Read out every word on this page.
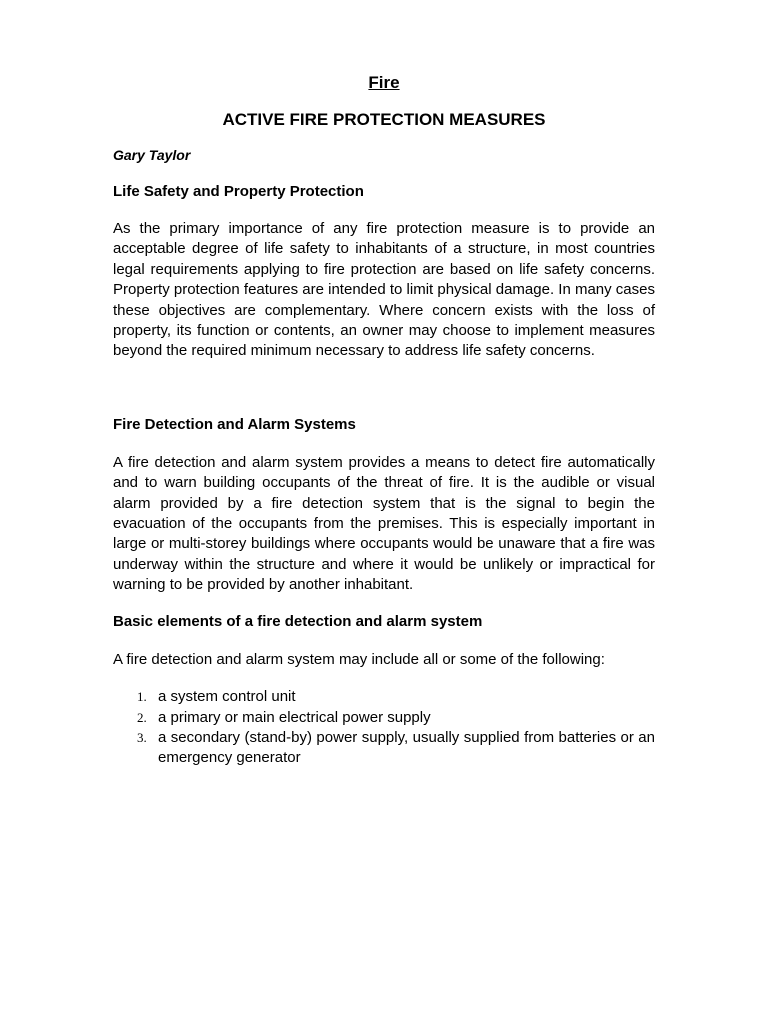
Fire
ACTIVE FIRE PROTECTION MEASURES
Gary Taylor
Life Safety and Property Protection

As the primary importance of any fire protection measure is to provide an acceptable degree of life safety to inhabitants of a structure, in most countries legal requirements applying to fire protection are based on life safety concerns. Property protection features are intended to limit physical damage. In many cases these objectives are complementary. Where concern exists with the loss of property, its function or contents, an owner may choose to implement measures beyond the required minimum necessary to address life safety concerns.

Fire Detection and Alarm Systems

A fire detection and alarm system provides a means to detect fire automatically and to warn building occupants of the threat of fire. It is the audible or visual alarm provided by a fire detection system that is the signal to begin the evacuation of the occupants from the premises. This is especially important in large or multi-storey buildings where occupants would be unaware that a fire was underway within the structure and where it would be unlikely or impractical for warning to be provided by another inhabitant.

Basic elements of a fire detection and alarm system

A fire detection and alarm system may include all or some of the following:

1. a system control unit
2. a primary or main electrical power supply
3. a secondary (stand-by) power supply, usually supplied from batteries or an emergency generator
